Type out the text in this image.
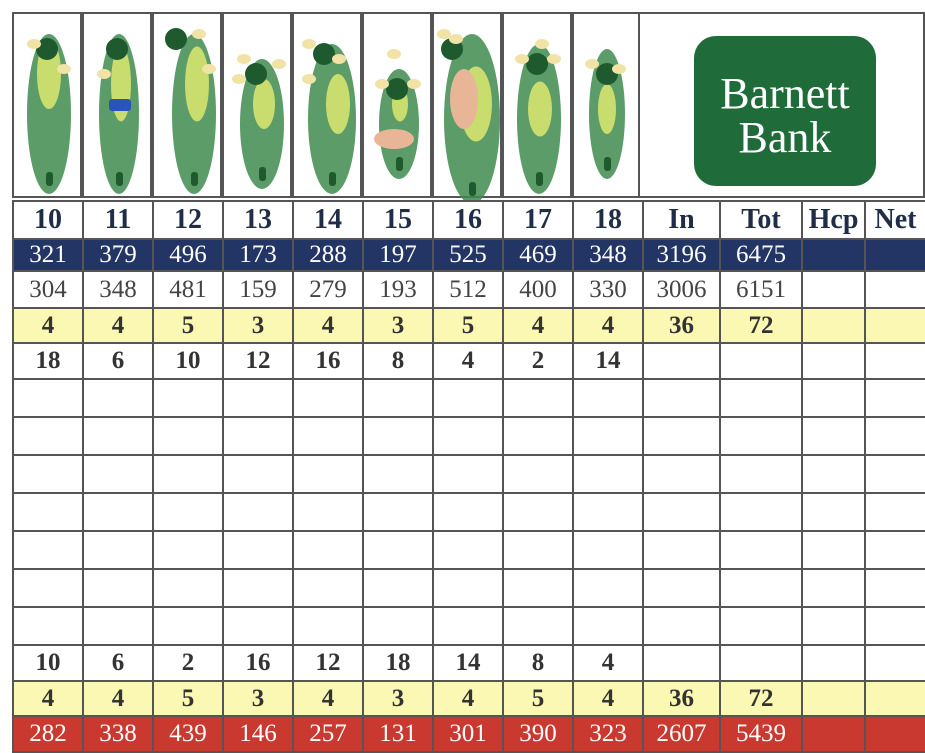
Barnett
Bank
10	11	12	13	14	15	16	17	18	In	Tot	Hcp	Net
321	379	496	173	288	197	525	469	348	3196	6475		
304	348	481	159	279	193	512	400	330	3006	6151		
4	4	5	3	4	3	5	4	4	36	72		
18	6	10	12	16	8	4	2	14				

10	6	2	16	12	18	14	8	4				
4	4	5	3	4	3	4	5	4	36	72		
282	338	439	146	257	131	301	390	323	2607	5439		
